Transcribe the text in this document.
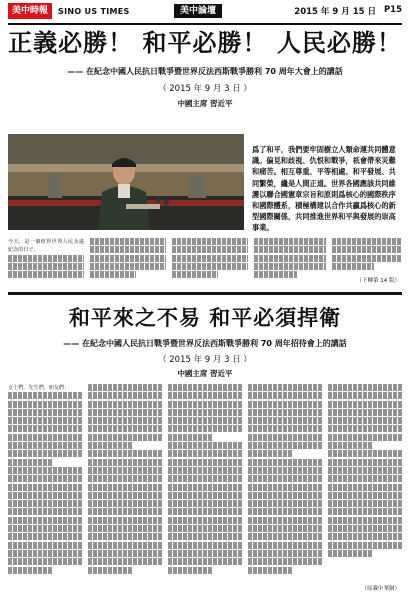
美中時報	SINO US TIMES	美中論壇	2015 年 9 月 15 日 P15
正義必勝！ 和平必勝！ 人民必勝！
—— 在紀念中國人民抗日戰爭暨世界反法西斯戰爭勝利 70 周年大會上的講話
（ 2015 年 9 月 3 日 ）
中國主席 習近平
爲了和平，我們要牢固樹立人類命運共同體意識。偏見和歧視、仇恨和戰爭，祇會帶來災難和痛苦。相互尊重、平等相處、和平發展、共同繁榮，纔是人間正道。世界各國應該共同維護以聯合國憲章宗旨和原則爲核心的國際秩序和國際體系，積極構建以合作共贏爲核心的新型國際關係，共同推進世界和平與發展的崇高事業。
今天，是一個值得世界人民永遠紀念的日子。
（下轉第 14 版）
和平來之不易 和平必須捍衛
—— 在紀念中國人民抗日戰爭暨世界反法西斯戰爭勝利 70 周年招待會上的講話
（ 2015 年 9 月 3 日 ）
中國主席 習近平
女士們，先生們，朋友們：
（原載中華網）
